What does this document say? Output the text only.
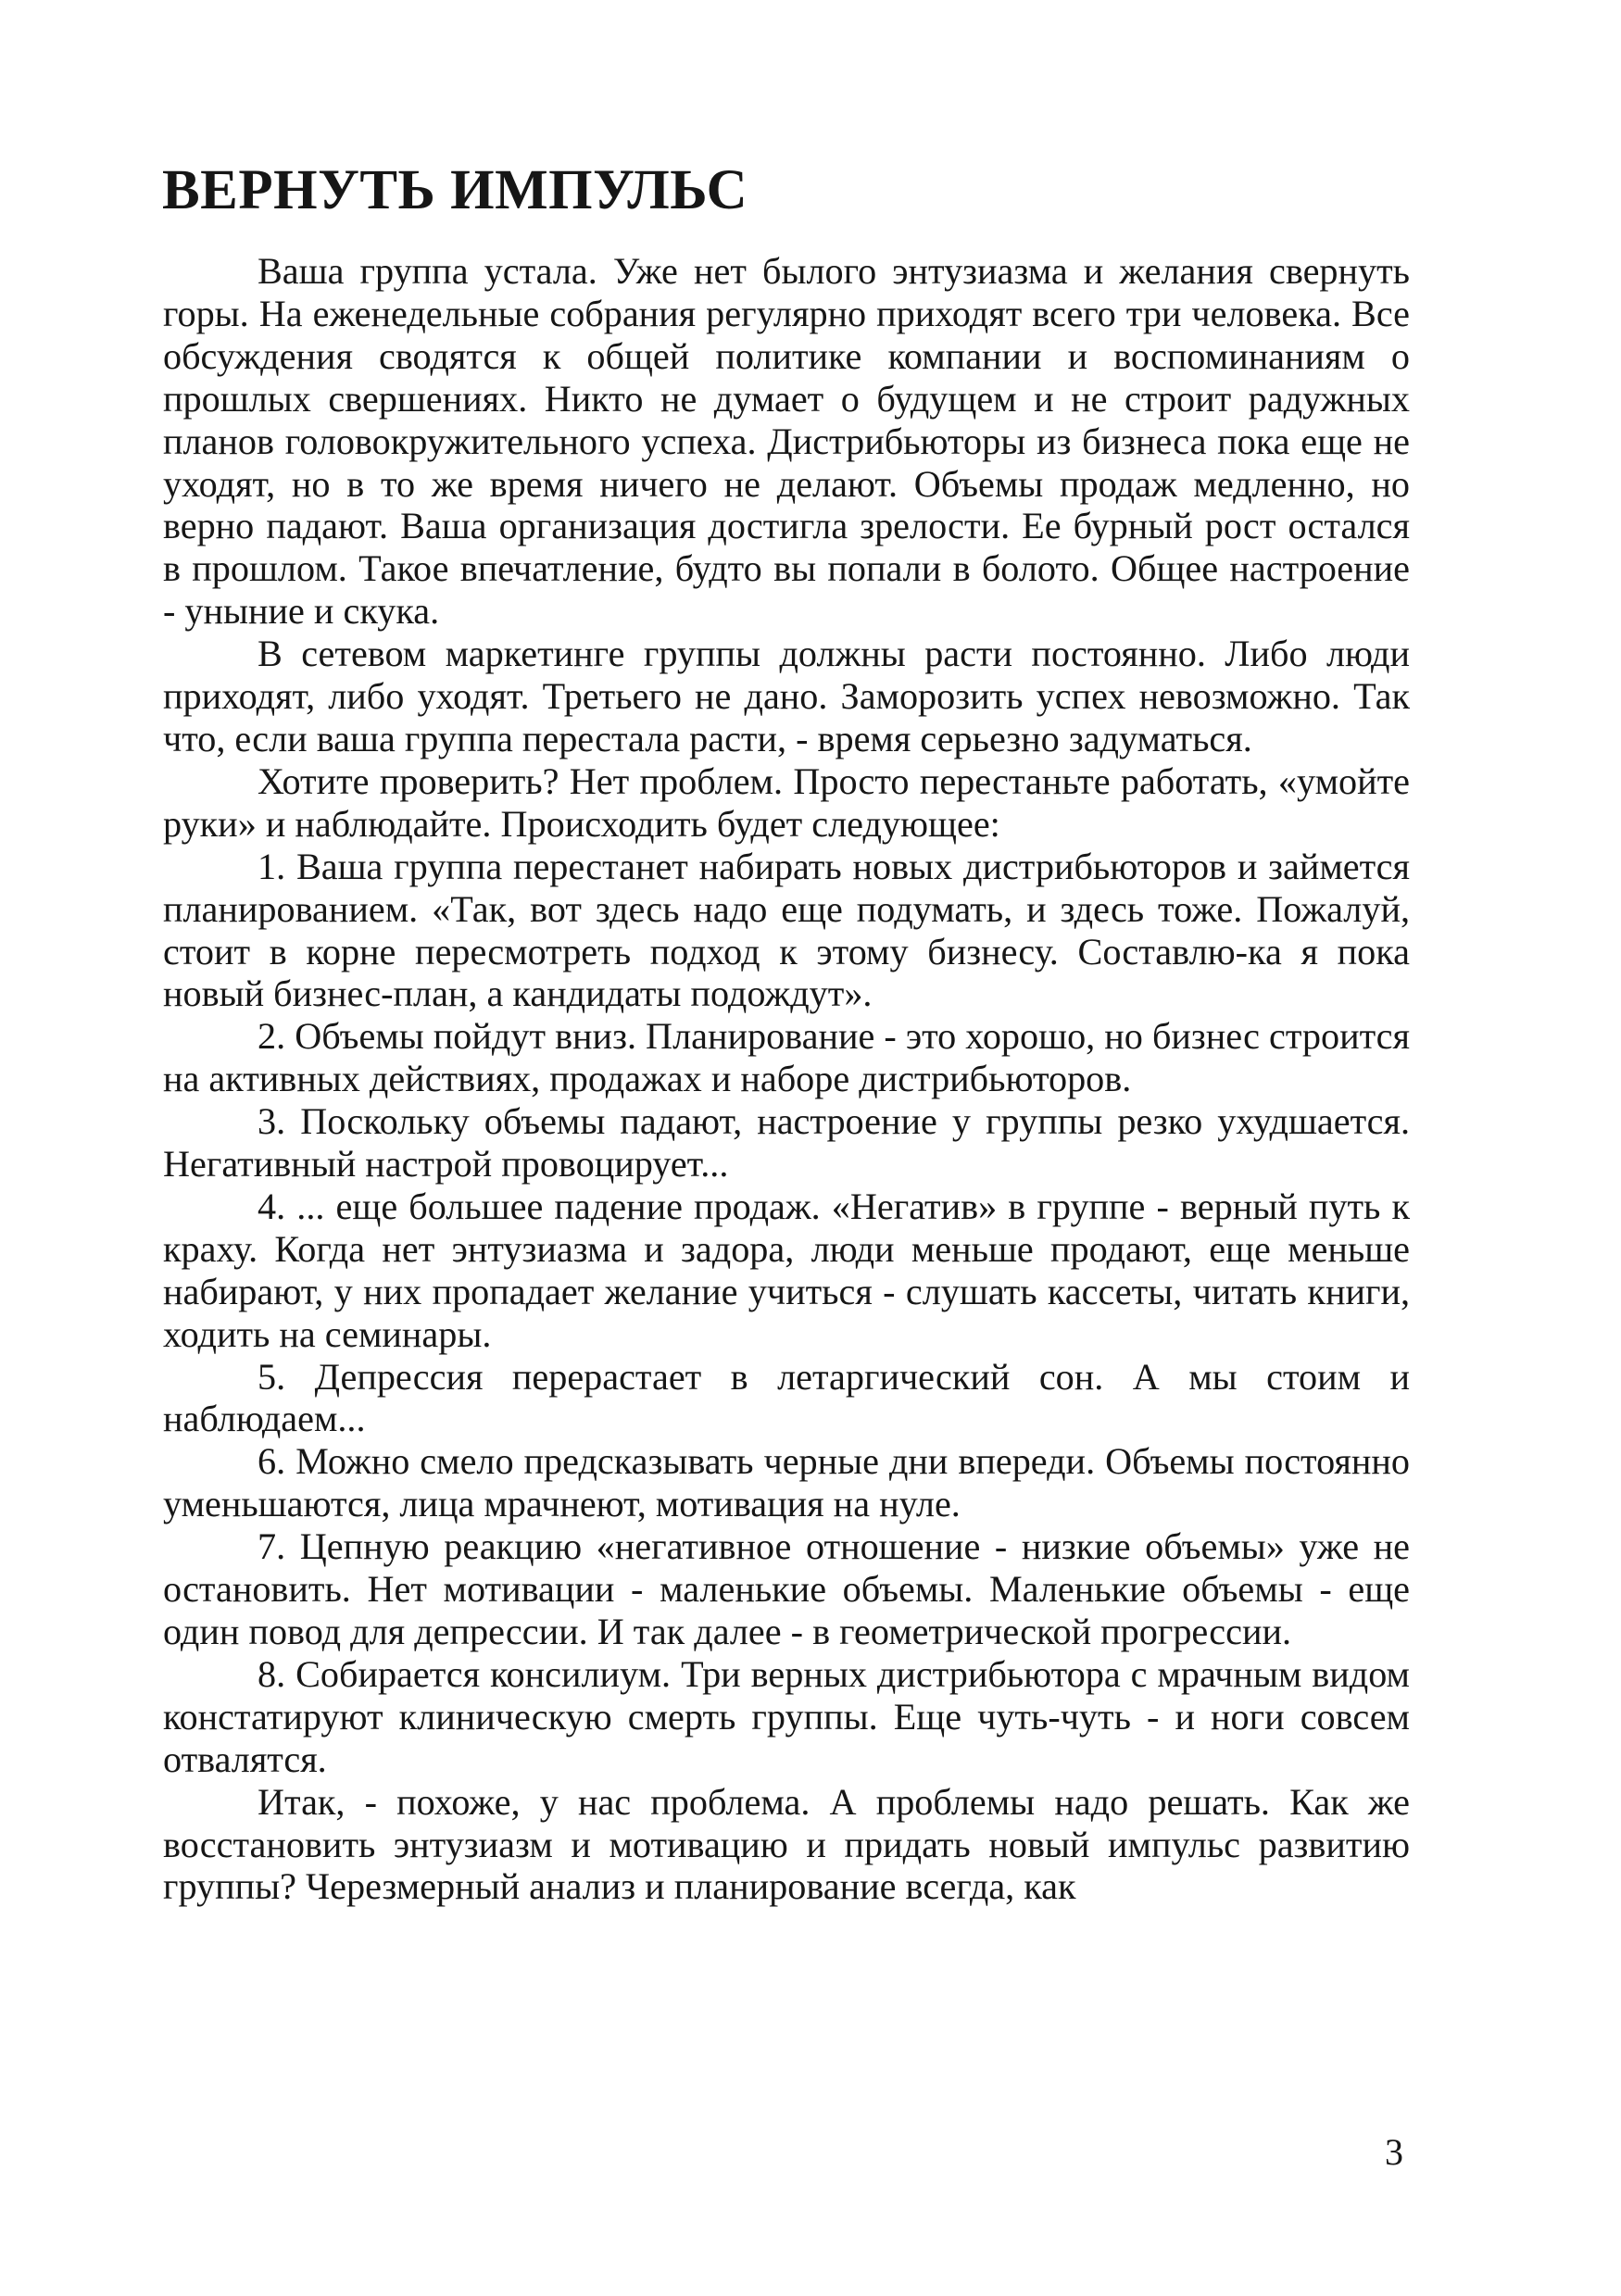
ВЕРНУТЬ ИМПУЛЬС

Ваша группа устала. Уже нет былого энтузиазма и желания свернуть горы. На еженедельные собрания регулярно приходят всего три человека. Все обсуждения сводятся к общей политике компании и воспоминаниям о прошлых свершениях. Никто не думает о будущем и не строит радужных планов головокружительного успеха. Дистрибьюторы из бизнеса пока еще не уходят, но в то же время ничего не делают. Объемы продаж медленно, но верно падают. Ваша организация достигла зрелости. Ее бурный рост остался в прошлом. Такое впечатление, будто вы попали в болото. Общее настроение - уныние и скука.

В сетевом маркетинге группы должны расти постоянно. Либо люди приходят, либо уходят. Третьего не дано. Заморозить успех невозможно. Так что, если ваша группа перестала расти, - время серьезно задуматься.

Хотите проверить? Нет проблем. Просто перестаньте работать, «умойте руки» и наблюдайте. Происходить будет следующее:

1. Ваша группа перестанет набирать новых дистрибьюторов и займется планированием. «Так, вот здесь надо еще подумать, и здесь тоже. Пожалуй, стоит в корне пересмотреть подход к этому бизнесу. Составлю-ка я пока новый бизнес-план, а кандидаты подождут».

2. Объемы пойдут вниз. Планирование - это хорошо, но бизнес строится на активных действиях, продажах и наборе дистрибьюторов.

3. Поскольку объемы падают, настроение у группы резко ухудшается. Негативный настрой провоцирует...

4. ... еще большее падение продаж. «Негатив» в группе - верный путь к краху. Когда нет энтузиазма и задора, люди меньше продают, еще меньше набирают, у них пропадает желание учиться - слушать кассеты, читать книги, ходить на семинары.

5. Депрессия перерастает в летаргический сон. А мы стоим и наблюдаем...

6. Можно смело предсказывать черные дни впереди. Объемы постоянно уменьшаются, лица мрачнеют, мотивация на нуле.

7. Цепную реакцию «негативное отношение - низкие объемы» уже не остановить. Нет мотивации - маленькие объемы. Маленькие объемы - еще один повод для депрессии. И так далее - в геометрической прогрессии.

8. Собирается консилиум. Три верных дистрибьютора с мрачным видом констатируют клиническую смерть группы. Еще чуть-чуть - и ноги совсем отвалятся.

Итак, - похоже, у нас проблема. А проблемы надо решать. Как же восстановить энтузиазм и мотивацию и придать новый импульс развитию группы? Черезмерный анализ и планирование всегда, как

3
